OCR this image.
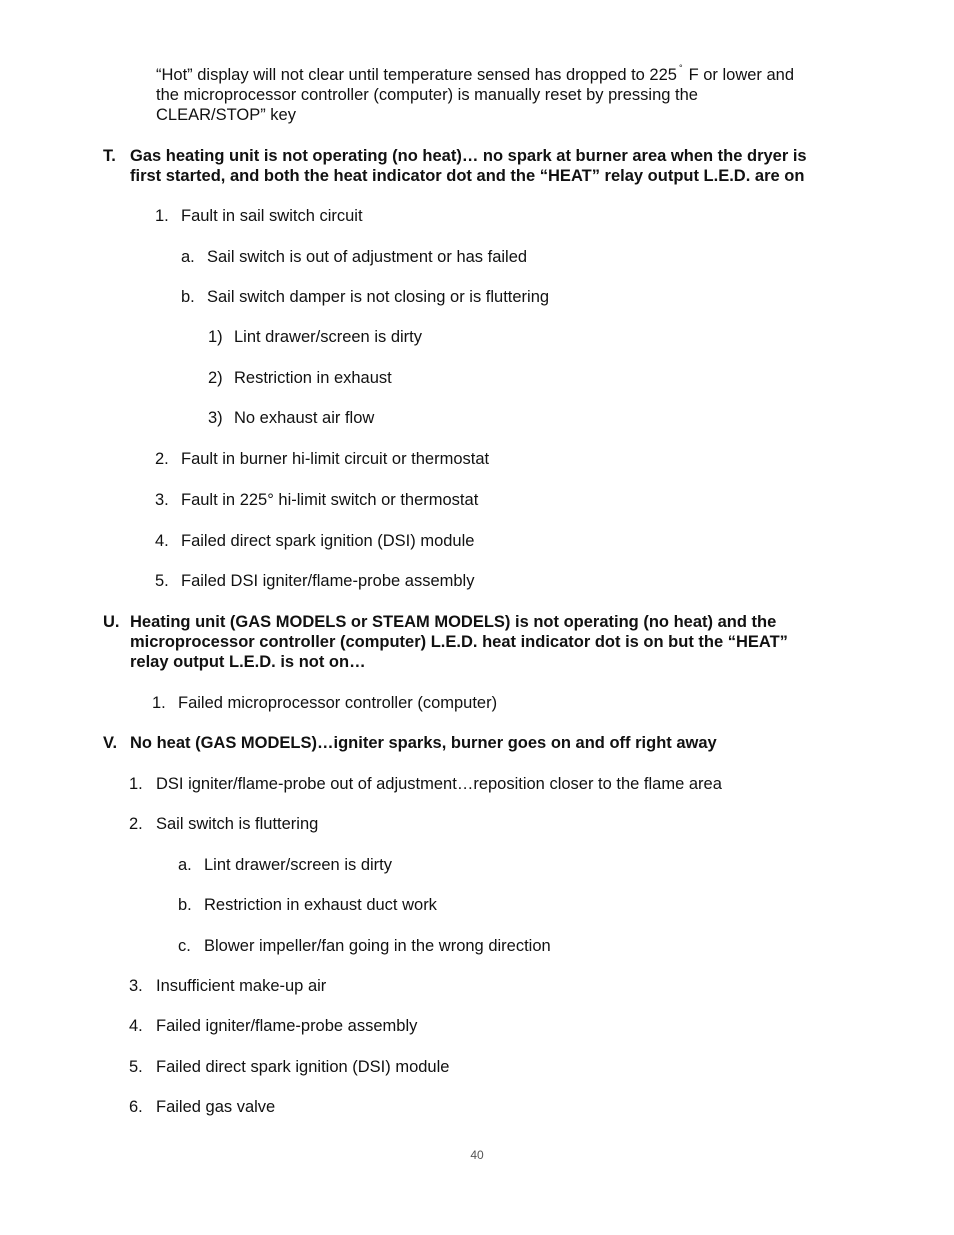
“Hot” display will not clear until temperature sensed has dropped to 225 ° F or lower and
the microprocessor controller (computer) is manually reset by pressing the
CLEAR/STOP” key
T. Gas heating unit is not operating (no heat)… no spark at burner area when the dryer is
first started, and both the heat indicator dot and the “HEAT” relay output L.E.D. are on
1. Fault in sail switch circuit
a. Sail switch is out of adjustment or has failed
b. Sail switch damper is not closing or is fluttering
1) Lint drawer/screen is dirty
2) Restriction in exhaust
3) No exhaust air flow
2. Fault in burner hi-limit circuit or thermostat
3. Fault in 225° hi-limit switch or thermostat
4. Failed direct spark ignition (DSI) module
5. Failed DSI igniter/flame-probe assembly
U. Heating unit (GAS MODELS or STEAM MODELS) is not operating (no heat) and the
microprocessor controller (computer) L.E.D. heat indicator dot is on but the “HEAT”
relay output L.E.D. is not on…
1. Failed microprocessor controller (computer)
V. No heat (GAS MODELS)…igniter sparks, burner goes on and off right away
1. DSI igniter/flame-probe out of adjustment…reposition closer to the flame area
2. Sail switch is fluttering
a. Lint drawer/screen is dirty
b. Restriction in exhaust duct work
c. Blower impeller/fan going in the wrong direction
3. Insufficient make-up air
4. Failed igniter/flame-probe assembly
5. Failed direct spark ignition (DSI) module
6. Failed gas valve
40
